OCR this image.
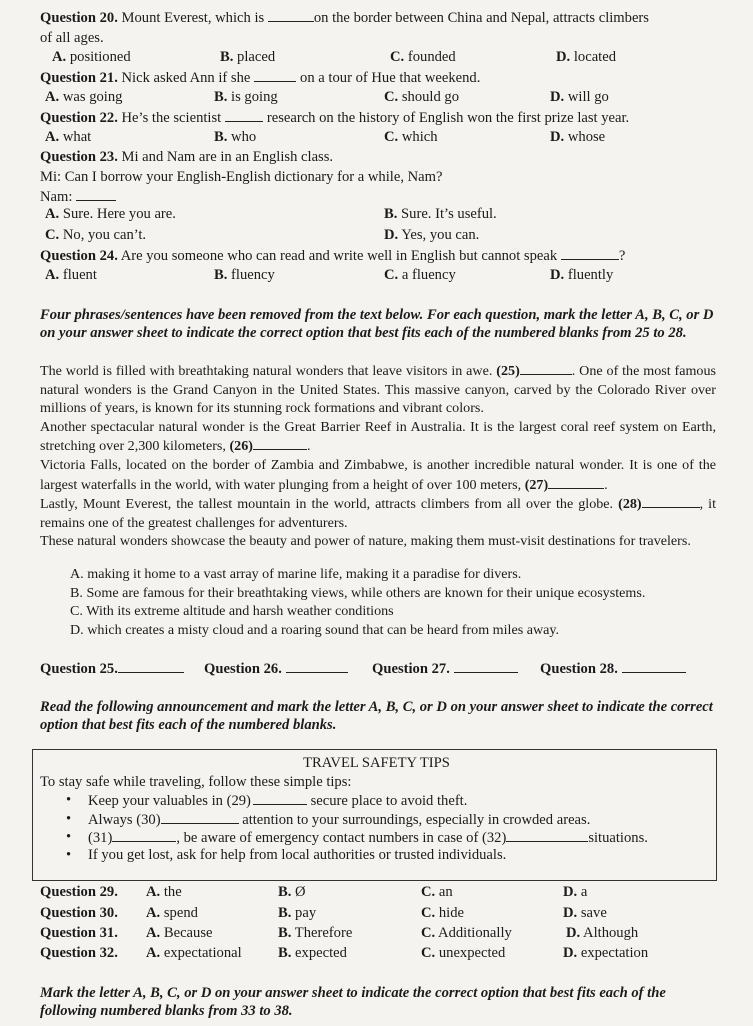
Question 20. Mount Everest, which is	on the border between China and Nepal, attracts climbers
of all ages.
A. positioned	B. placed	C. founded	D. located
Question 21. Nick asked Ann if she	on a tour of Hue that weekend.
A. was going	B. is going	C. should go	D. will go
Question 22. He’s the scientist	research on the history of English won the first prize last year.
A. what	B. who	C. which	D. whose
Question 23. Mi and Nam are in an English class.
Mi: Can I borrow your English-English dictionary for a while, Nam?
Nam:
A. Sure. Here you are.	B. Sure. It’s useful.
C. No, you can’t.	D. Yes, you can.
Question 24. Are you someone who can read and write well in English but cannot speak	?
A. fluent	B. fluency	C. a fluency	D. fluently
Four phrases/sentences have been removed from the text below. For each question, mark the letter A, B, C, or D on your answer sheet to indicate the correct option that best fits each of the numbered blanks from 25 to 28.

The world is filled with breathtaking natural wonders that leave visitors in awe. (25)	. One of the most famous natural wonders is the Grand Canyon in the United States. This massive canyon, carved by the Colorado River over millions of years, is known for its stunning rock formations and vibrant colors.

Another spectacular natural wonder is the Great Barrier Reef in Australia. It is the largest coral reef system on Earth, stretching over 2,300 kilometers, (26)	.

Victoria Falls, located on the border of Zambia and Zimbabwe, is another incredible natural wonder. It is one of the largest waterfalls in the world, with water plunging from a height of over 100 meters, (27)	.

Lastly, Mount Everest, the tallest mountain in the world, attracts climbers from all over the globe. (28)	, it remains one of the greatest challenges for adventurers.

These natural wonders showcase the beauty and power of nature, making them must-visit destinations for travelers.

A. making it home to a vast array of marine life, making it a paradise for divers.
B. Some are famous for their breathtaking views, while others are known for their unique ecosystems.
C. With its extreme altitude and harsh weather conditions
D. which creates a misty cloud and a roaring sound that can be heard from miles away.
Question 25.	Question 26.	Question 27.	Question 28.
Read the following announcement and mark the letter A, B, C, or D on your answer sheet to indicate the correct option that best fits each of the numbered blanks.
TRAVEL SAFETY TIPS
To stay safe while traveling, follow these simple tips:
• Keep your valuables in (29)	secure place to avoid theft.
• Always (30)	attention to your surroundings, especially in crowded areas.
• (31)	, be aware of emergency contact numbers in case of (32)	situations.
• If you get lost, ask for help from local authorities or trusted individuals.
Question 29. A. the	B. Ø	C. an	D. a
Question 30. A. spend	B. pay	C. hide	D. save
Question 31. A. Because	B. Therefore	C. Additionally	D. Although
Question 32. A. expectational B. expected	C. unexpected	D. expectation
Mark the letter A, B, C, or D on your answer sheet to indicate the correct option that best fits each of the following numbered blanks from 33 to 38.
